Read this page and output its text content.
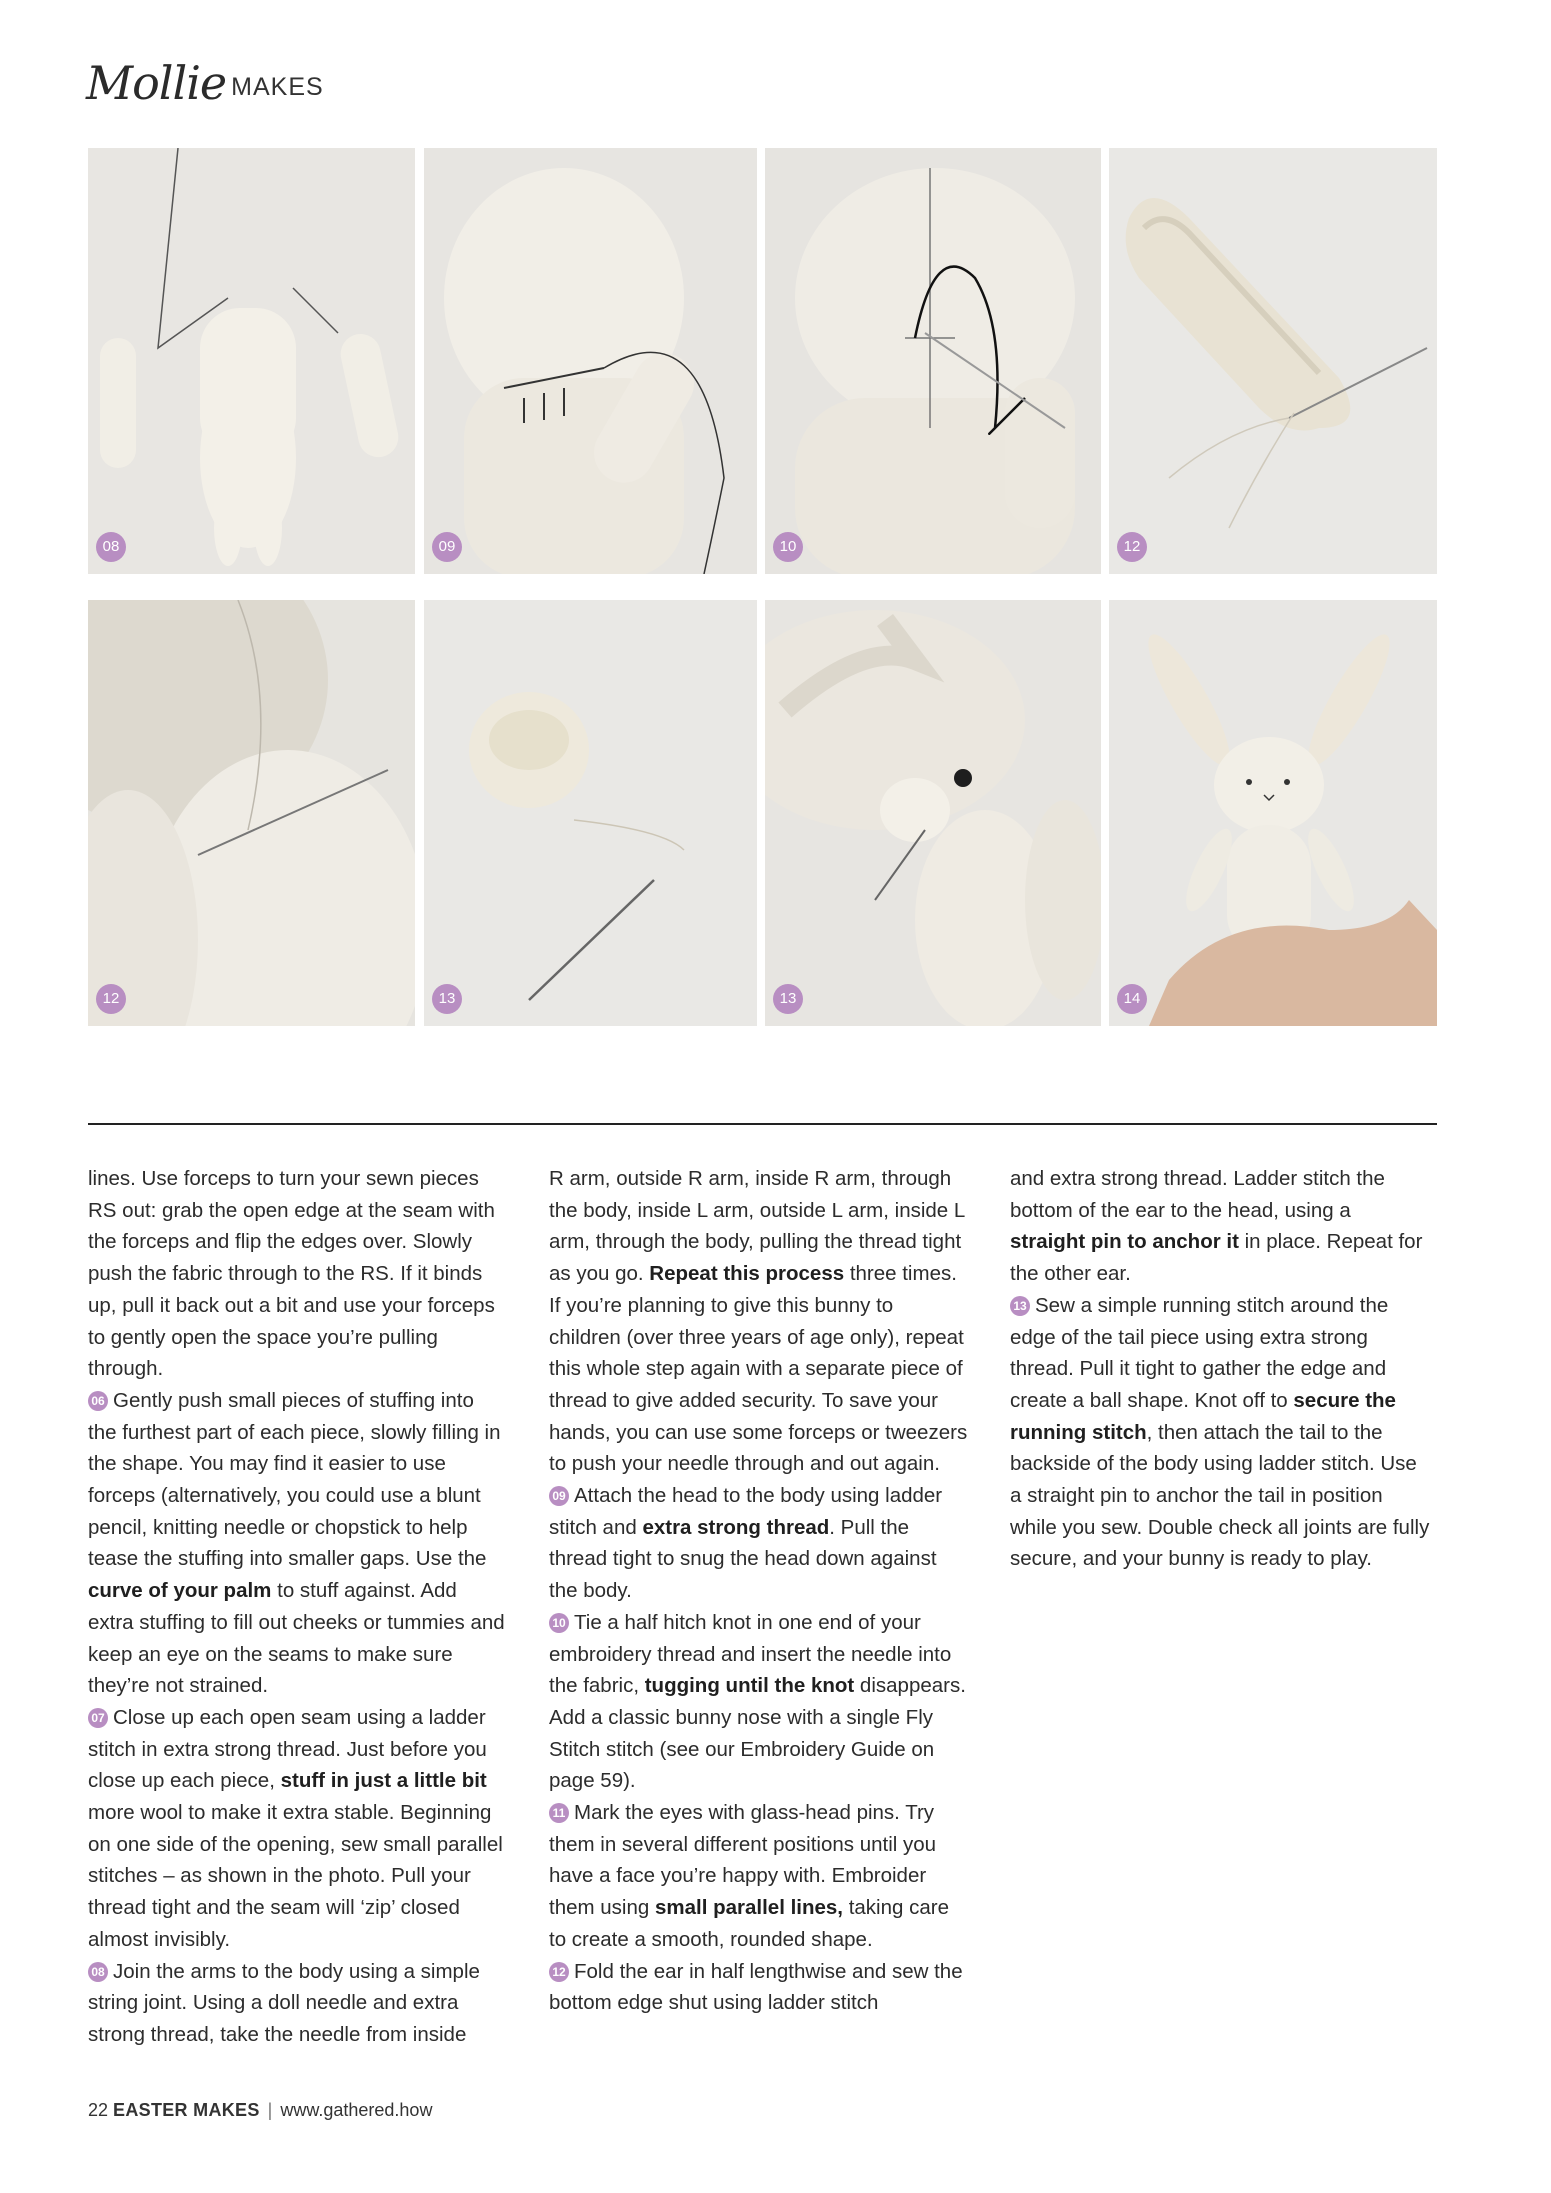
Mollie MAKES
08	09	10	12
12	13	13	14

lines. Use forceps to turn your sewn pieces RS out: grab the open edge at the seam with the forceps and flip the edges over. Slowly push the fabric through to the RS. If it binds up, pull it back out a bit and use your forceps to gently open the space you’re pulling through.

06 Gently push small pieces of stuffing into the furthest part of each piece, slowly filling in the shape. You may find it easier to use forceps (alternatively, you could use a blunt pencil, knitting needle or chopstick to help tease the stuffing into smaller gaps. Use the curve of your palm to stuff against. Add extra stuffing to fill out cheeks or tummies and keep an eye on the seams to make sure they’re not strained.

07 Close up each open seam using a ladder stitch in extra strong thread. Just before you close up each piece, stuff in just a little bit more wool to make it extra stable. Beginning on one side of the opening, sew small parallel stitches – as shown in the photo. Pull your thread tight and the seam will ‘zip’ closed almost invisibly.

08 Join the arms to the body using a simple string joint. Using a doll needle and extra strong thread, take the needle from inside

R arm, outside R arm, inside R arm, through the body, inside L arm, outside L arm, inside L arm, through the body, pulling the thread tight as you go. Repeat this process three times. If you’re planning to give this bunny to children (over three years of age only), repeat this whole step again with a separate piece of thread to give added security. To save your hands, you can use some forceps or tweezers to push your needle through and out again.

09 Attach the head to the body using ladder stitch and extra strong thread. Pull the thread tight to snug the head down against the body.

10 Tie a half hitch knot in one end of your embroidery thread and insert the needle into the fabric, tugging until the knot disappears. Add a classic bunny nose with a single Fly Stitch stitch (see our Embroidery Guide on page 59).

11 Mark the eyes with glass-head pins. Try them in several different positions until you have a face you’re happy with. Embroider them using small parallel lines, taking care to create a smooth, rounded shape.

12 Fold the ear in half lengthwise and sew the bottom edge shut using ladder stitch

and extra strong thread. Ladder stitch the bottom of the ear to the head, using a straight pin to anchor it in place. Repeat for the other ear.

13 Sew a simple running stitch around the edge of the tail piece using extra strong thread. Pull it tight to gather the edge and create a ball shape. Knot off to secure the running stitch, then attach the tail to the backside of the body using ladder stitch. Use a straight pin to anchor the tail in position while you sew. Double check all joints are fully secure, and your bunny is ready to play.

22 EASTER MAKES | www.gathered.how
